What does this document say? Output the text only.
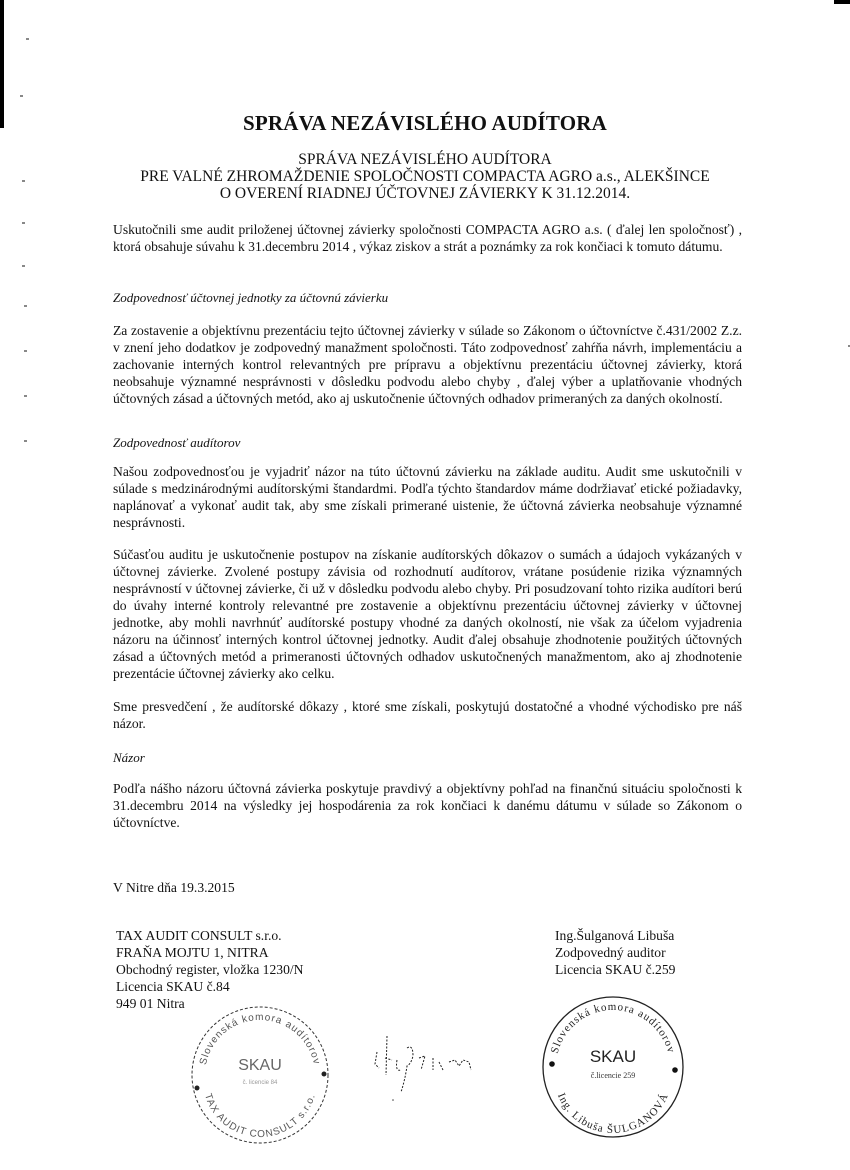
SPRÁVA NEZÁVISLÉHO AUDÍTORA
SPRÁVA NEZÁVISLÉHO AUDÍTORA
PRE VALNÉ ZHROMAŽDENIE SPOLOČNOSTI COMPACTA AGRO a.s., ALEKŠINCE
O OVERENÍ RIADNEJ ÚČTOVNEJ ZÁVIERKY K 31.12.2014.

Uskutočnili sme audit priloženej účtovnej závierky spoločnosti COMPACTA AGRO a.s. ( ďalej len spoločnosť) , ktorá obsahuje súvahu k 31.decembru 2014 , výkaz ziskov a strát a poznámky za rok končiaci k tomuto dátumu.

Zodpovednosť účtovnej jednotky za účtovnú závierku

Za zostavenie a objektívnu prezentáciu tejto účtovnej závierky v súlade so Zákonom o účtovníctve č.431/2002 Z.z. v znení jeho dodatkov je zodpovedný manažment spoločnosti. Táto zodpovednosť zahŕňa návrh, implementáciu a zachovanie interných kontrol relevantných pre prípravu a objektívnu prezentáciu účtovnej závierky, ktorá neobsahuje významné nesprávnosti v dôsledku podvodu alebo chyby , ďalej výber a uplatňovanie vhodných účtovných zásad a účtovných metód, ako aj uskutočnenie účtovných odhadov primeraných za daných okolností.

Zodpovednosť audítorov

Našou zodpovednosťou je vyjadriť názor na túto účtovnú závierku na základe auditu. Audit sme uskutočnili v súlade s medzinárodnými audítorskými štandardmi. Podľa týchto štandardov máme dodržiavať etické požiadavky, naplánovať a vykonať audit tak, aby sme získali primerané uistenie, že účtovná závierka neobsahuje významné nesprávnosti.

Súčasťou auditu je uskutočnenie postupov na získanie audítorských dôkazov o sumách a údajoch vykázaných v účtovnej závierke. Zvolené postupy závisia od rozhodnutí audítorov, vrátane posúdenie rizika významných nesprávností v účtovnej závierke, či už v dôsledku podvodu alebo chyby. Pri posudzovaní tohto rizika audítori berú do úvahy interné kontroly relevantné pre zostavenie a objektívnu prezentáciu účtovnej závierky v účtovnej jednotke, aby mohli navrhnúť audítorské postupy vhodné za daných okolností, nie však za účelom vyjadrenia názoru na účinnosť interných kontrol účtovnej jednotky. Audit ďalej obsahuje zhodnotenie použitých účtovných zásad a účtovných metód a primeranosti účtovných odhadov uskutočnených manažmentom, ako aj zhodnotenie prezentácie účtovnej závierky ako celku.

Sme presvedčení , že audítorské dôkazy , ktoré sme získali, poskytujú dostatočné a vhodné východisko pre náš názor.

Názor

Podľa nášho názoru účtovná závierka poskytuje pravdivý a objektívny pohľad na finančnú situáciu spoločnosti k 31.decembru 2014 na výsledky jej hospodárenia za rok končiaci k danému dátumu v súlade so Zákonom o účtovníctve.

V Nitre dňa 19.3.2015
TAX AUDIT CONSULT s.r.o.
FRAŇA MOJTU 1, NITRA
Obchodný register, vložka 1230/N
Licencia SKAU č.84
949 01 Nitra
Ing.Šulganová Libuša
Zodpovedný auditor
Licencia SKAU č.259
Slovenská komora audítorov
TAX AUDIT CONSULT s.r.o.
SKAU
č. licencie 84
Slovenská komora audítorov
Ing. Libuša ŠULGANOVÁ
SKAU
č.licencie 259
